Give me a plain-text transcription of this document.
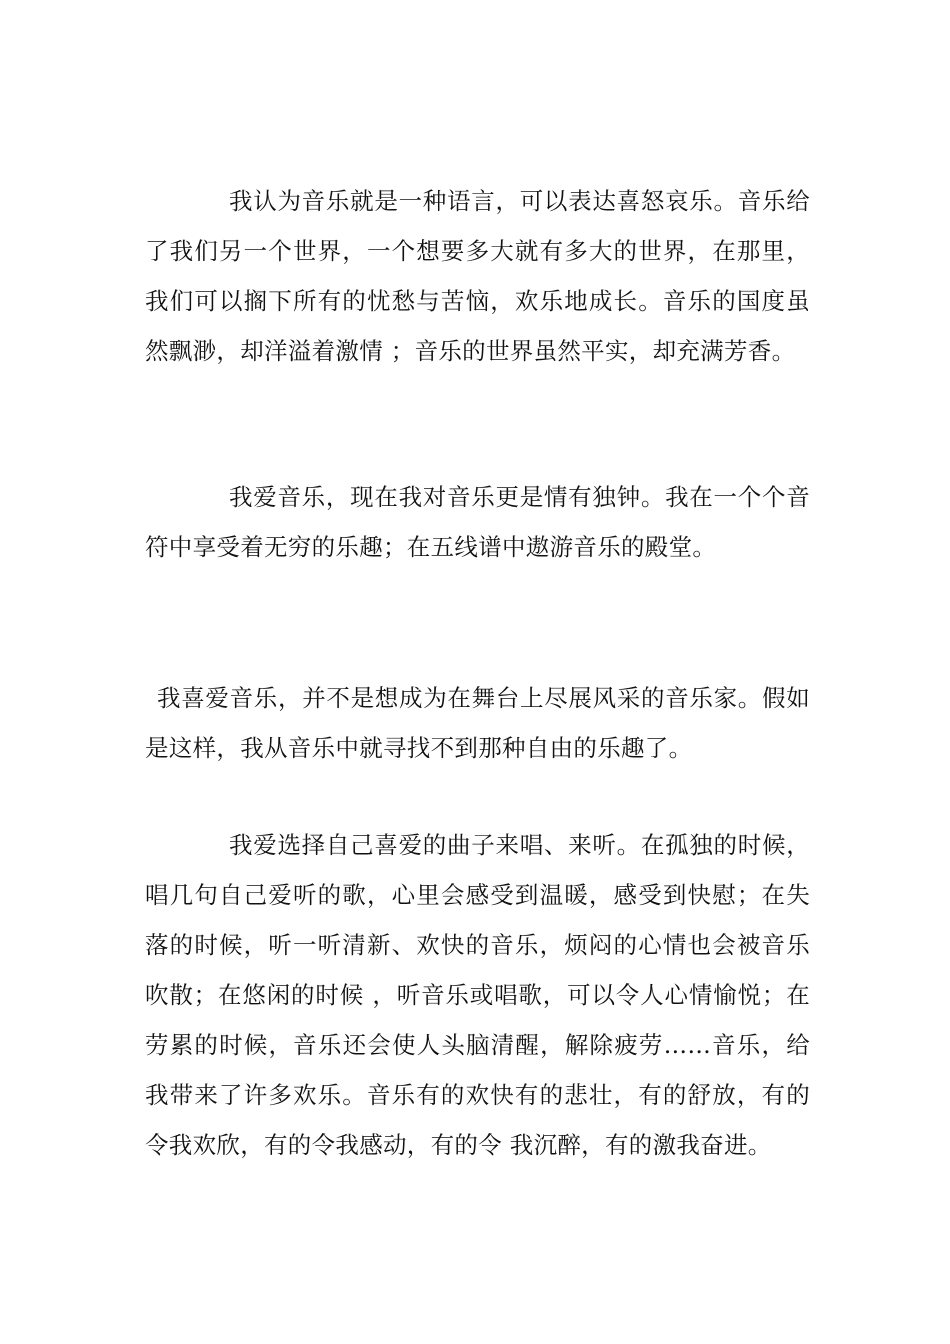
我认为音乐就是一种语言，可以表达喜怒哀乐。音乐给了我们另一个世界，一个想要多大就有多大的世界，在那里，我们可以搁下所有的忧愁与苦恼，欢乐地成长。音乐的国度虽然飘渺，却洋溢着激情 ；音乐的世界虽然平实，却充满芳香。

我爱音乐，现在我对音乐更是情有独钟。我在一个个音符中享受着无穷的乐趣；在五线谱中遨游音乐的殿堂。

我喜爱音乐，并不是想成为在舞台上尽展风采的音乐家。假如是这样，我从音乐中就寻找不到那种自由的乐趣了。

我爱选择自己喜爱的曲子来唱、来听。在孤独的时候，唱几句自己爱听的歌，心里会感受到温暖，感受到快慰；在失落的时候，听一听清新、欢快的音乐，烦闷的心情也会被音乐吹散；在悠闲的时候 ，听音乐或唱歌，可以令人心情愉悦；在劳累的时候，音乐还会使人头脑清醒，解除疲劳……音乐，给我带来了许多欢乐。音乐有的欢快有的悲壮，有的舒放，有的令我欢欣，有的令我感动，有的令 我沉醉，有的激我奋进。
